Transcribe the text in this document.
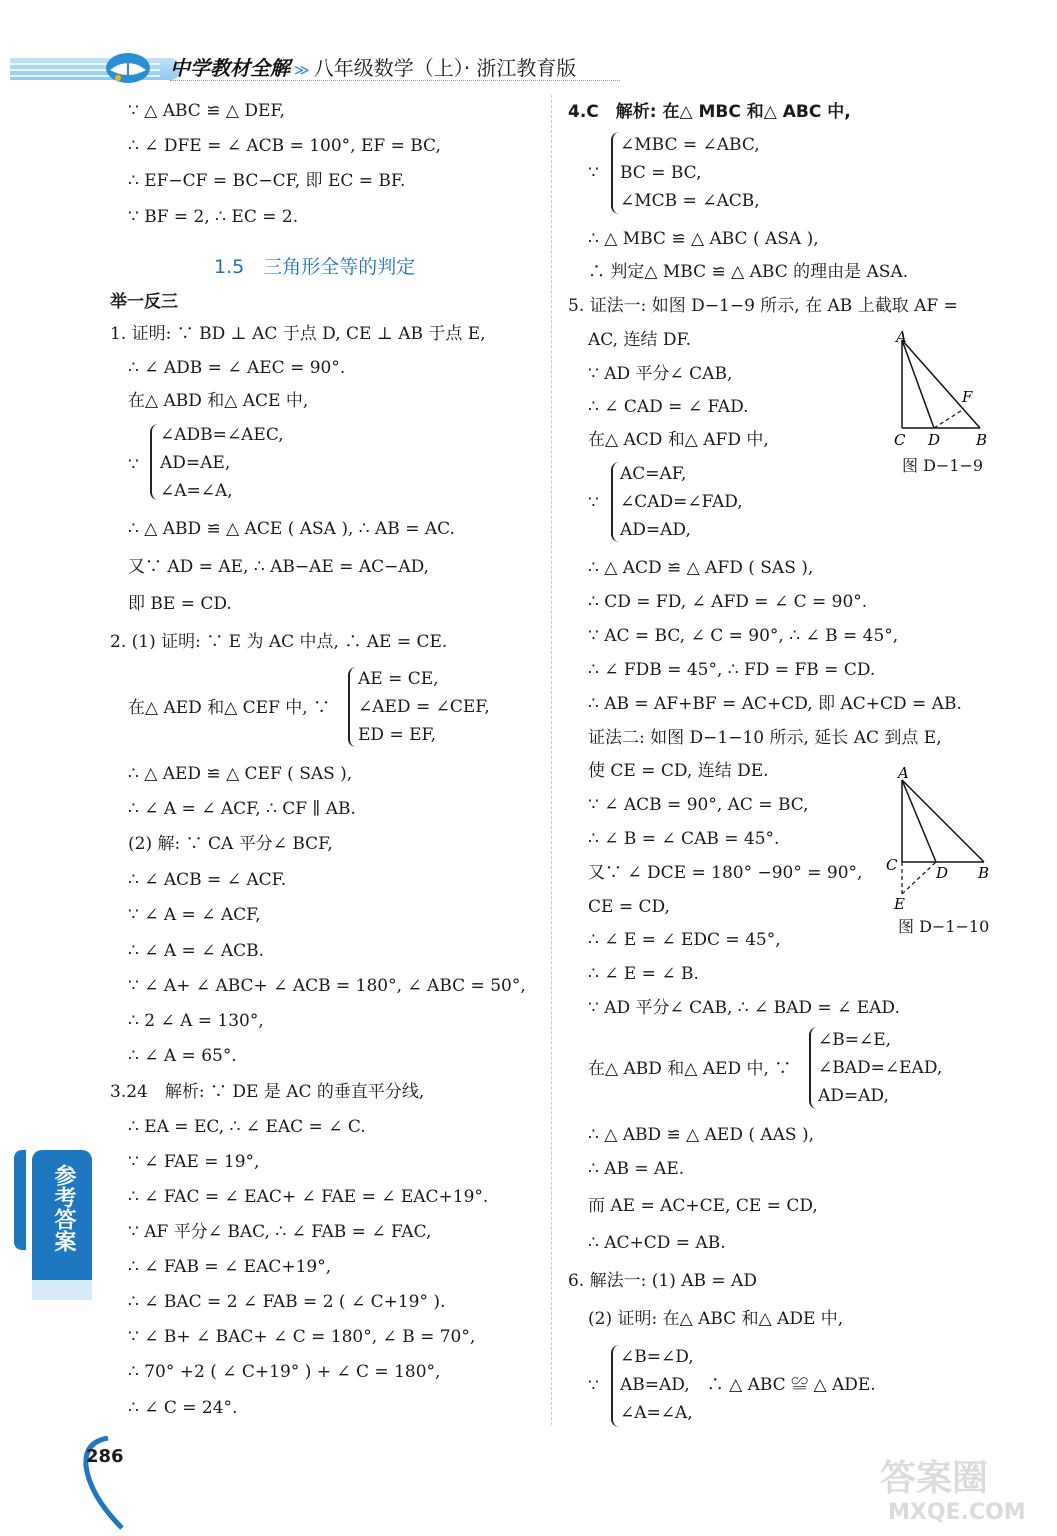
中学教材全解 ≫ 八年级数学（上）· 浙江教育版
∵ △ ABC ≌ △ DEF,
∴ ∠ DFE = ∠ ACB = 100°, EF = BC,
∴ EF−CF = BC−CF, 即 EC = BF.
∵ BF = 2, ∴ EC = 2.
1.5　三角形全等的判定
举一反三
1. 证明: ∵ BD ⊥ AC 于点 D, CE ⊥ AB 于点 E,
∴ ∠ ADB = ∠ AEC = 90°.
在△ ABD 和△ ACE 中,
∵
∠ADB=∠AEC,
AD=AE,
∠A=∠A,
∴ △ ABD ≌ △ ACE ( ASA ), ∴ AB = AC.
又∵ AD = AE, ∴ AB−AE = AC−AD,
即 BE = CD.
2. (1) 证明: ∵ E 为 AC 中点, ∴ AE = CE.
在△ AED 和△ CEF 中, ∵
AE = CE,
∠AED = ∠CEF,
ED = EF,
∴ △ AED ≌ △ CEF ( SAS ),
∴ ∠ A = ∠ ACF, ∴ CF ∥ AB.
(2) 解: ∵ CA 平分∠ BCF,
∴ ∠ ACB = ∠ ACF.
∵ ∠ A = ∠ ACF,
∴ ∠ A = ∠ ACB.
∵ ∠ A+ ∠ ABC+ ∠ ACB = 180°, ∠ ABC = 50°,
∴ 2 ∠ A = 130°,
∴ ∠ A = 65°.
3.24　解析: ∵ DE 是 AC 的垂直平分线,
∴ EA = EC, ∴ ∠ EAC = ∠ C.
∵ ∠ FAE = 19°,
∴ ∠ FAC = ∠ EAC+ ∠ FAE = ∠ EAC+19°.
∵ AF 平分∠ BAC, ∴ ∠ FAB = ∠ FAC,
∴ ∠ FAB = ∠ EAC+19°,
∴ ∠ BAC = 2 ∠ FAB = 2 ( ∠ C+19° ).
∵ ∠ B+ ∠ BAC+ ∠ C = 180°, ∠ B = 70°,
∴ 70° +2 ( ∠ C+19° ) + ∠ C = 180°,
∴ ∠ C = 24°.
4.C　解析: 在△ MBC 和△ ABC 中,
∵
∠MBC = ∠ABC,
BC = BC,
∠MCB = ∠ACB,
∴ △ MBC ≌ △ ABC ( ASA ),
∴ 判定△ MBC ≌ △ ABC 的理由是 ASA.
5. 证法一: 如图 D−1−9 所示, 在 AB 上截取 AF =
AC, 连结 DF.
∵ AD 平分∠ CAB,
∴ ∠ CAD = ∠ FAD.
在△ ACD 和△ AFD 中,
∵
AC=AF,
∠CAD=∠FAD,
AD=AD,
∴ △ ACD ≌ △ AFD ( SAS ),
∴ CD = FD, ∠ AFD = ∠ C = 90°.
∵ AC = BC, ∠ C = 90°, ∴ ∠ B = 45°,
∴ ∠ FDB = 45°, ∴ FD = FB = CD.
∴ AB = AF+BF = AC+CD, 即 AC+CD = AB.
证法二: 如图 D−1−10 所示, 延长 AC 到点 E,
使 CE = CD, 连结 DE.
∵ ∠ ACB = 90°, AC = BC,
∴ ∠ B = ∠ CAB = 45°.
又∵ ∠ DCE = 180° −90° = 90°,
CE = CD,
∴ ∠ E = ∠ EDC = 45°,
∴ ∠ E = ∠ B.
∵ AD 平分∠ CAB, ∴ ∠ BAD = ∠ EAD.
在△ ABD 和△ AED 中, ∵
∠B=∠E,
∠BAD=∠EAD,
AD=AD,
∴ △ ABD ≌ △ AED ( AAS ),
∴ AB = AE.
而 AE = AC+CE, CE = CD,
∴ AC+CD = AB.
6. 解法一: (1) AB = AD
(2) 证明: 在△ ABC 和△ ADE 中,
∵
∠B=∠D,
AB=AD,　∴ △ ABC ≌ △ ADE.
∠A=∠A,
A
F
C D B
图 D−1−9
A
C	D B
E
图 D−1−10
参考答案
286
答案圈
MXQE.COM
